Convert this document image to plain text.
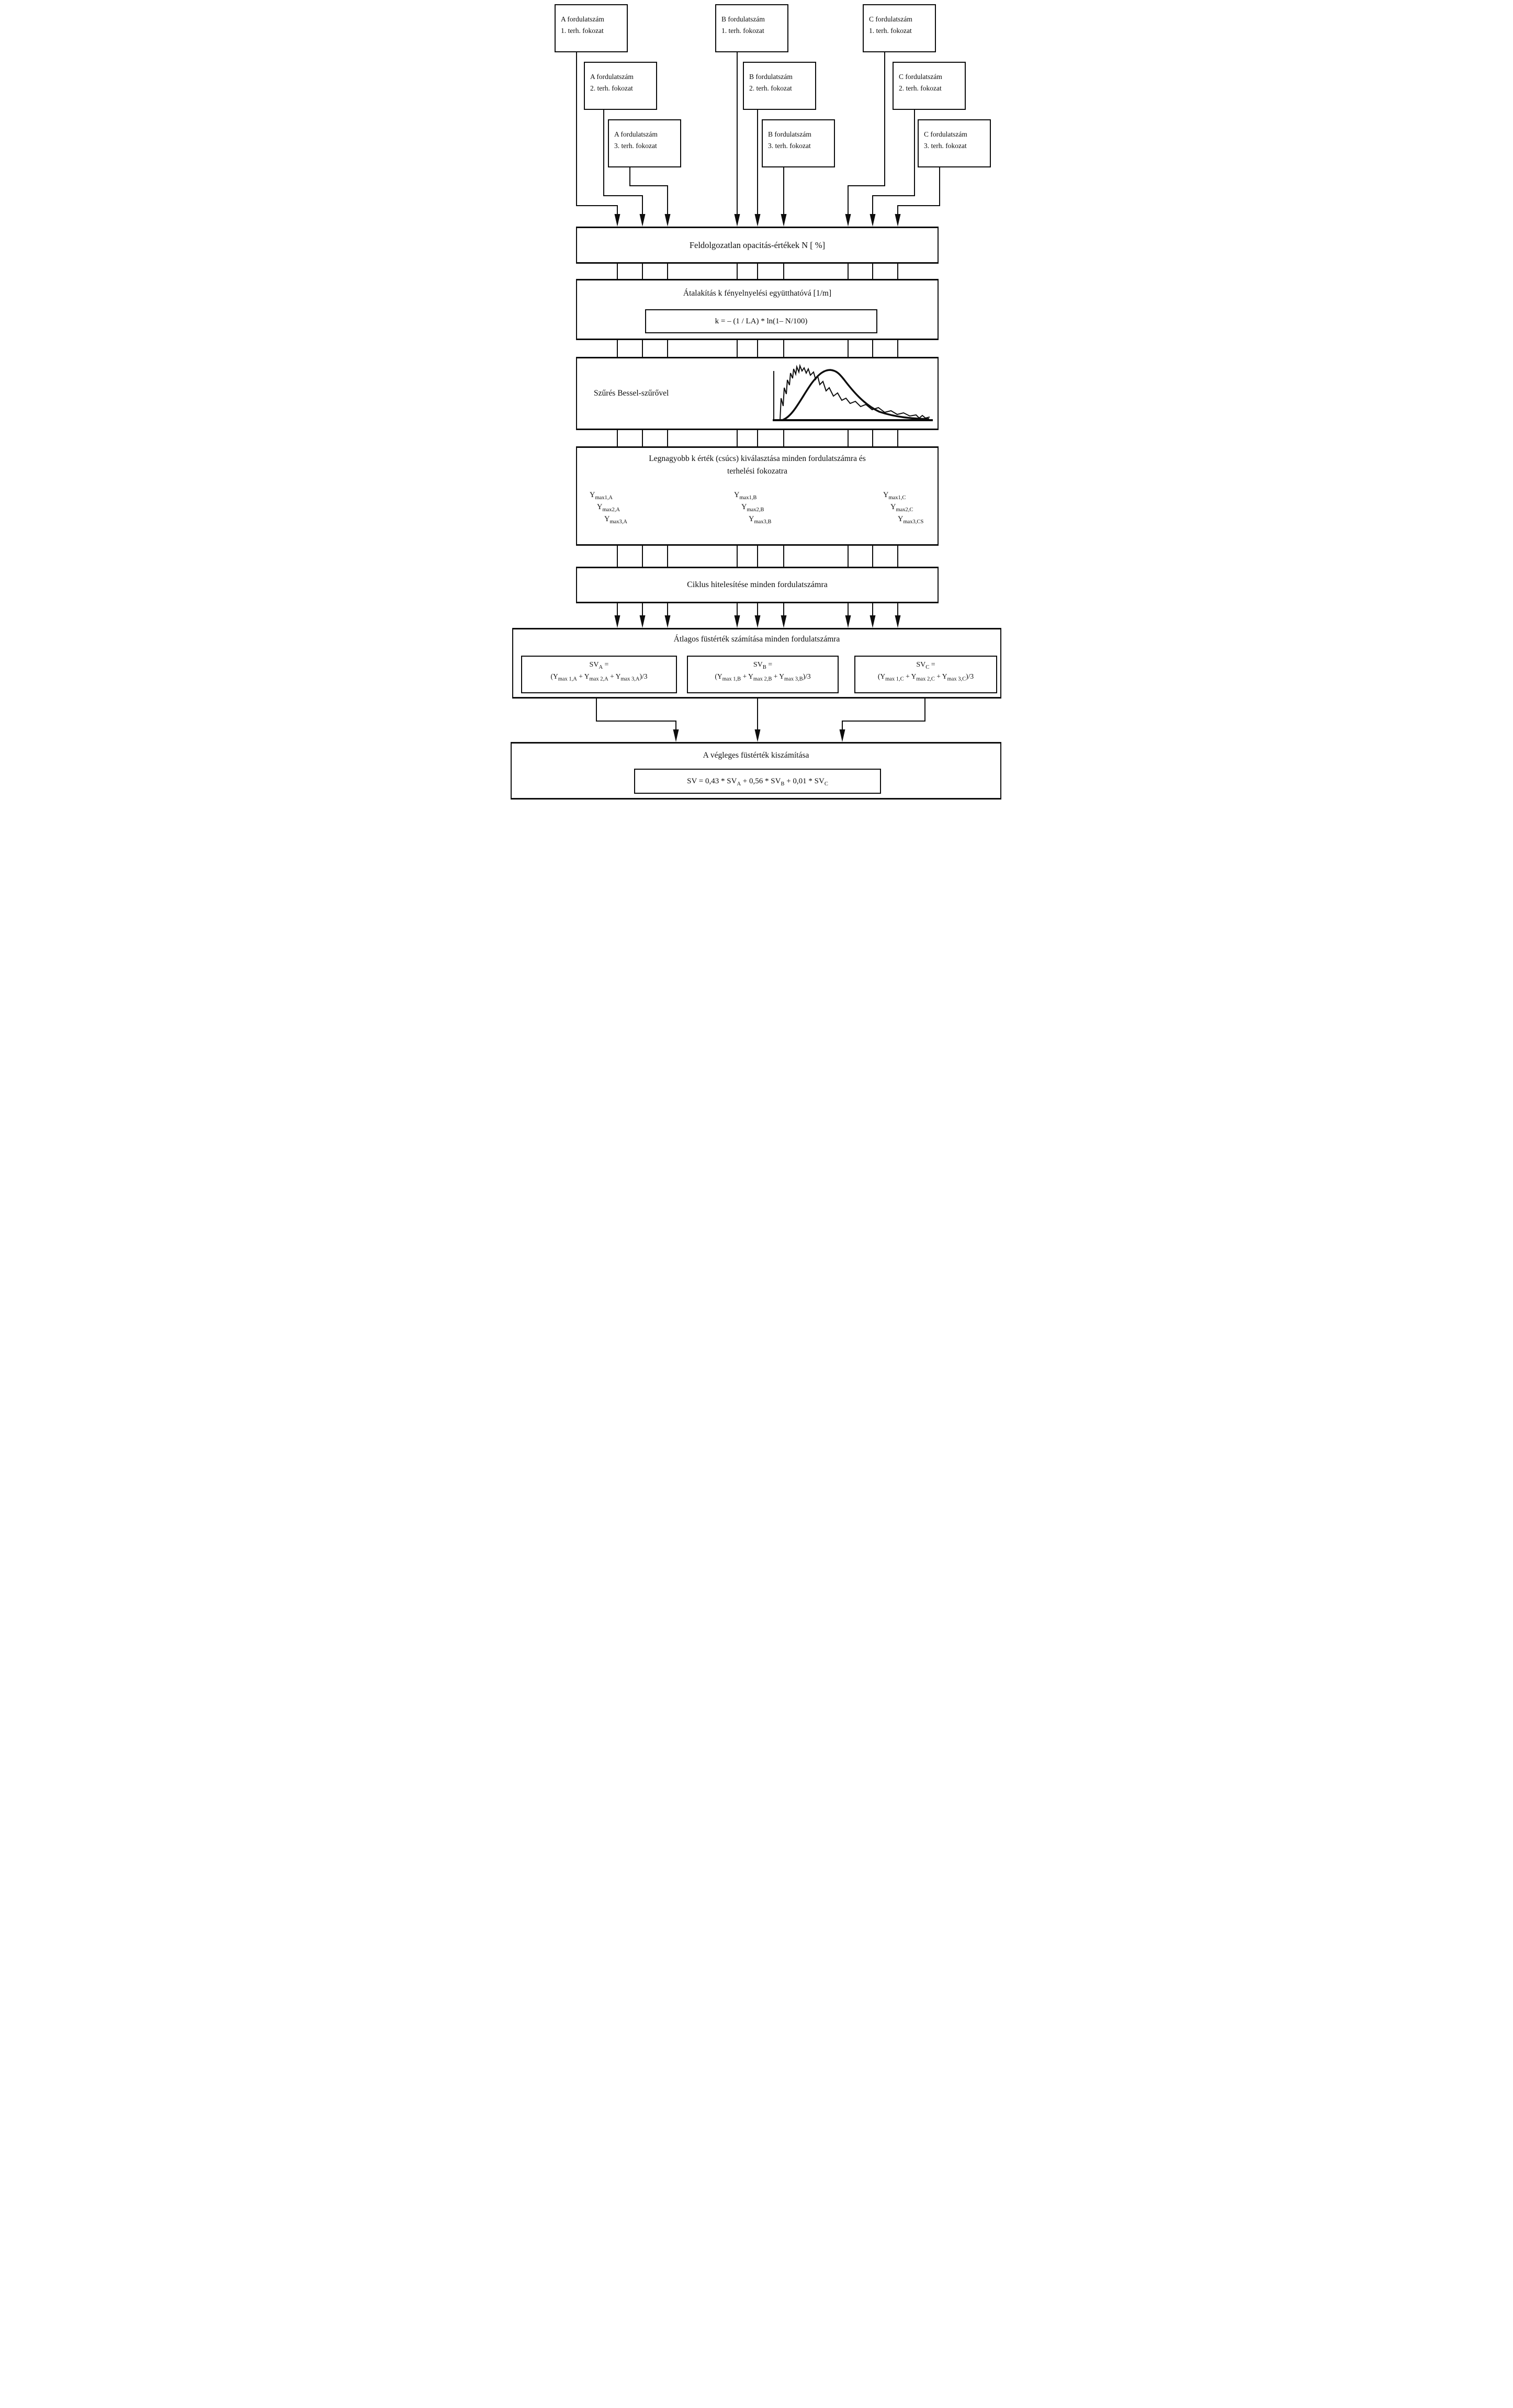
A fordulatszám
1. terh. fokozat
A fordulatszám
2. terh. fokozat
A fordulatszám
3. terh. fokozat
B fordulatszám
1. terh. fokozat
B fordulatszám
2. terh. fokozat
B fordulatszám
3. terh. fokozat
C fordulatszám
1. terh. fokozat
C fordulatszám
2. terh. fokozat
C fordulatszám
3. terh. fokozat
Feldolgozatlan opacitás-értékek N [ %]
Átalakítás k fényelnyelési együtthatóvá [1/m]
k = – (1 / LA) * ln(1– N/100)
Szűrés Bessel-szűrővel
Legnagyobb k érték (csúcs) kiválasztása minden fordulatszámra és
terhelési fokozatra
$Y_{max1,A}$
$Y_{max2,A}$
$Y_{max3,A}$
$Y_{max1,B}$
$Y_{max2,B}$
$Y_{max3,B}$
$Y_{max1,C}$
$Y_{max2,C}$
$Y_{max3,CS}$
Ciklus hitelesítése minden fordulatszámra
Átlagos füstérték számítása minden fordulatszámra
$SV_A$ =
$(Y_{max 1,A} + Y_{max 2,A} + Y_{max 3,A})/3$
$SV_B$ =
$(Y_{max 1,B} + Y_{max 2,B} + Y_{max 3,B})/3$
$SV_C$ =
$(Y_{max 1,C} + Y_{max 2,C} + Y_{max 3,C})/3$
A végleges füstérték kiszámítása
SV = $0,43 * SV_A + 0,56 * SV_B + 0,01 * SV_C$
